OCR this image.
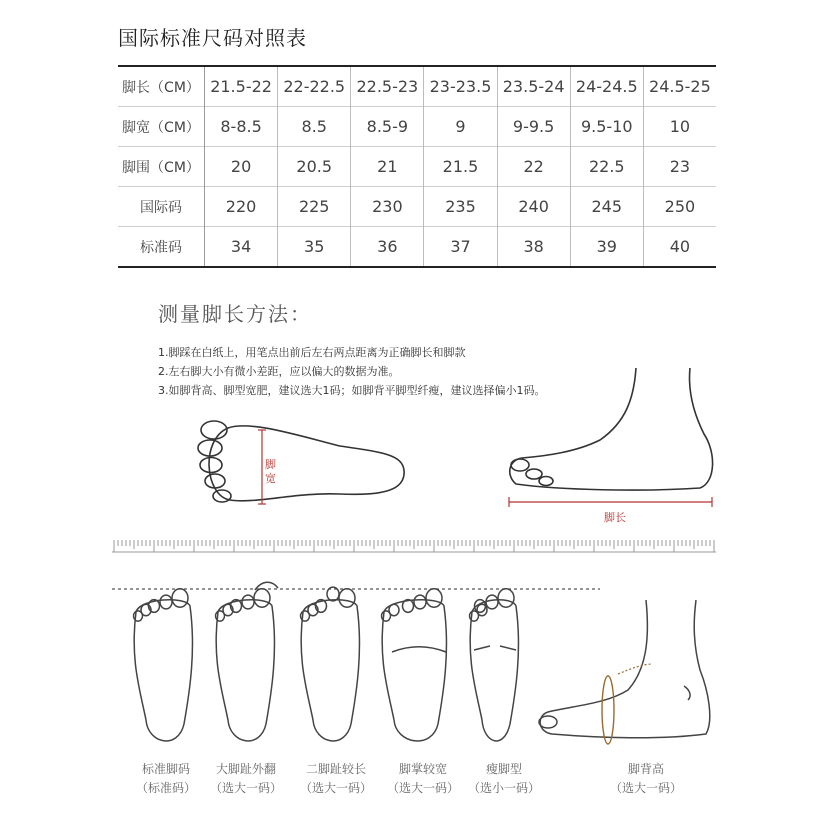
国际标准尺码对照表
脚长（CM）	21.5-22	22-22.5	22.5-23	23-23.5	23.5-24	24-24.5	24.5-25
脚宽（CM）	8-8.5	8.5	8.5-9	9	9-9.5	9.5-10	10
脚围（CM）	20	20.5	21	21.5	22	22.5	23
国际码	220	225	230	235	240	245	250
标准码	34	35	36	37	38	39	40
测量脚长方法：
1.脚踩在白纸上，用笔点出前后左右两点距离为正确脚长和脚款
2.左右脚大小有微小差距，应以偏大的数据为准。
3.如脚背高、脚型宽肥，建议选大1码；如脚背平脚型纤瘦，建议选择偏小1码。
脚宽
脚长
标准脚码
（标准码）
大脚趾外翻
（选大一码）
二脚趾较长
（选大一码）
脚掌较宽
（选大一码）
瘦脚型
（选小一码）
脚背高
（选大一码）
